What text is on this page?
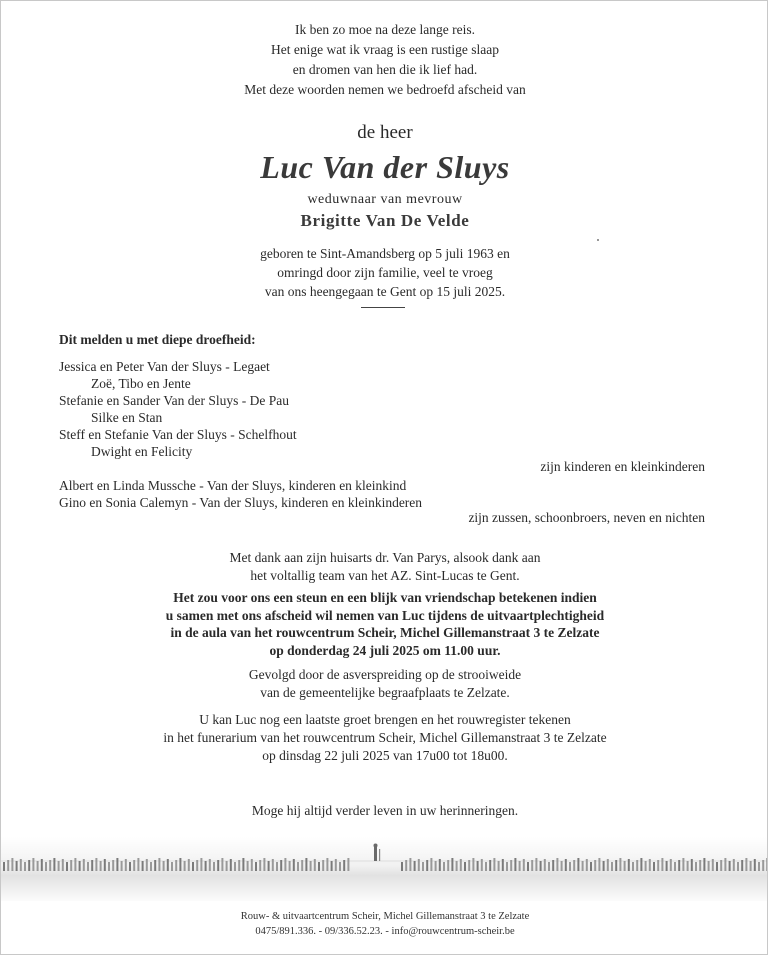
Ik ben zo moe na deze lange reis.
Het enige wat ik vraag is een rustige slaap
en dromen van hen die ik lief had.
Met deze woorden nemen we bedroefd afscheid van
de heer
Luc Van der Sluys
weduwnaar van mevrouw
Brigitte Van De Velde
geboren te Sint-Amandsberg op 5 juli 1963 en
omringd door zijn familie, veel te vroeg
van ons heengegaan te Gent op 15 juli 2025.
Dit melden u met diepe droefheid:
Jessica en Peter Van der Sluys - Legaet
Zoë, Tibo en Jente
Stefanie en Sander Van der Sluys - De Pau
Silke en Stan
Steff en Stefanie Van der Sluys - Schelfhout
Dwight en Felicity
zijn kinderen en kleinkinderen
Albert en Linda Mussche - Van der Sluys, kinderen en kleinkind
Gino en Sonia Calemyn - Van der Sluys, kinderen en kleinkinderen
zijn zussen, schoonbroers, neven en nichten
Met dank aan zijn huisarts dr. Van Parys, alsook dank aan
het voltallig team van het AZ. Sint-Lucas te Gent.
Het zou voor ons een steun en een blijk van vriendschap betekenen indien
u samen met ons afscheid wil nemen van Luc tijdens de uitvaartplechtigheid
in de aula van het rouwcentrum Scheir, Michel Gillemanstraat 3 te Zelzate
op donderdag 24 juli 2025 om 11.00 uur.
Gevolgd door de asverspreiding op de strooiweide
van de gemeentelijke begraafplaats te Zelzate.
U kan Luc nog een laatste groet brengen en het rouwregister tekenen
in het funerarium van het rouwcentrum Scheir, Michel Gillemanstraat 3 te Zelzate
op dinsdag 22 juli 2025 van 17u00 tot 18u00.
Moge hij altijd verder leven in uw herinneringen.
Rouw- & uitvaartcentrum Scheir, Michel Gillemanstraat 3 te Zelzate
0475/891.336. - 09/336.52.23. - info@rouwcentrum-scheir.be
